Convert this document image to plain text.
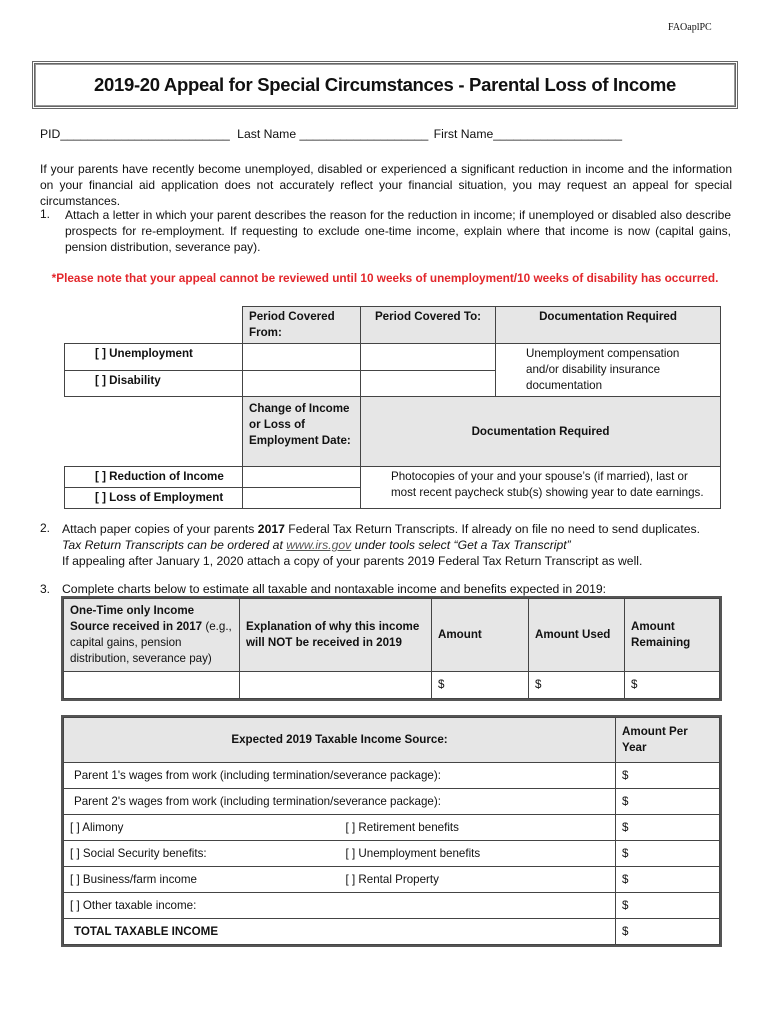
FAOaplPC
2019-20 Appeal for Special Circumstances - Parental Loss of Income
PID_________________________ Last Name ___________________ First Name___________________
If your parents have recently become unemployed, disabled or experienced a significant reduction in income and the information on your financial aid application does not accurately reflect your financial situation, you may request an appeal for special circumstances.
1. Attach a letter in which your parent describes the reason for the reduction in income; if unemployed or disabled also describe prospects for re-employment. If requesting to exclude one-time income, explain where that income is now (capital gains, pension distribution, severance pay).
*Please note that your appeal cannot be reviewed until 10 weeks of unemployment/10 weeks of disability has occurred.
	Period Covered From:	Period Covered To:	Documentation Required
[ ] Unemployment			Unemployment compensation and/or disability insurance documentation
[ ] Disability			
	Change of Income or Loss of Employment Date:	Documentation Required	
[ ] Reduction of Income		Photocopies of your and your spouse’s (if married), last or most recent paycheck stub(s) showing year to date earnings.	
[ ] Loss of Employment			
2. Attach paper copies of your parents 2017 Federal Tax Return Transcripts. If already on file no need to send duplicates.
Tax Return Transcripts can be ordered at www.irs.gov under tools select “Get a Tax Transcript”
If appealing after January 1, 2020 attach a copy of your parents 2019 Federal Tax Return Transcript as well.
3. Complete charts below to estimate all taxable and nontaxable income and benefits expected in 2019:
One-Time only Income Source received in 2017 (e.g., capital gains, pension distribution, severance pay)	Explanation of why this income will NOT be received in 2019	Amount	Amount Used	Amount Remaining
		$	$	$
Expected 2019 Taxable Income Source:		Amount Per Year
Parent 1's wages from work (including termination/severance package):		$
Parent 2's wages from work (including termination/severance package):		$
[ ] Alimony	[ ] Retirement benefits	$
[ ] Social Security benefits:	[ ] Unemployment benefits	$
[ ] Business/farm income	[ ] Rental Property	$
[ ] Other taxable income:		$
TOTAL TAXABLE INCOME		$
